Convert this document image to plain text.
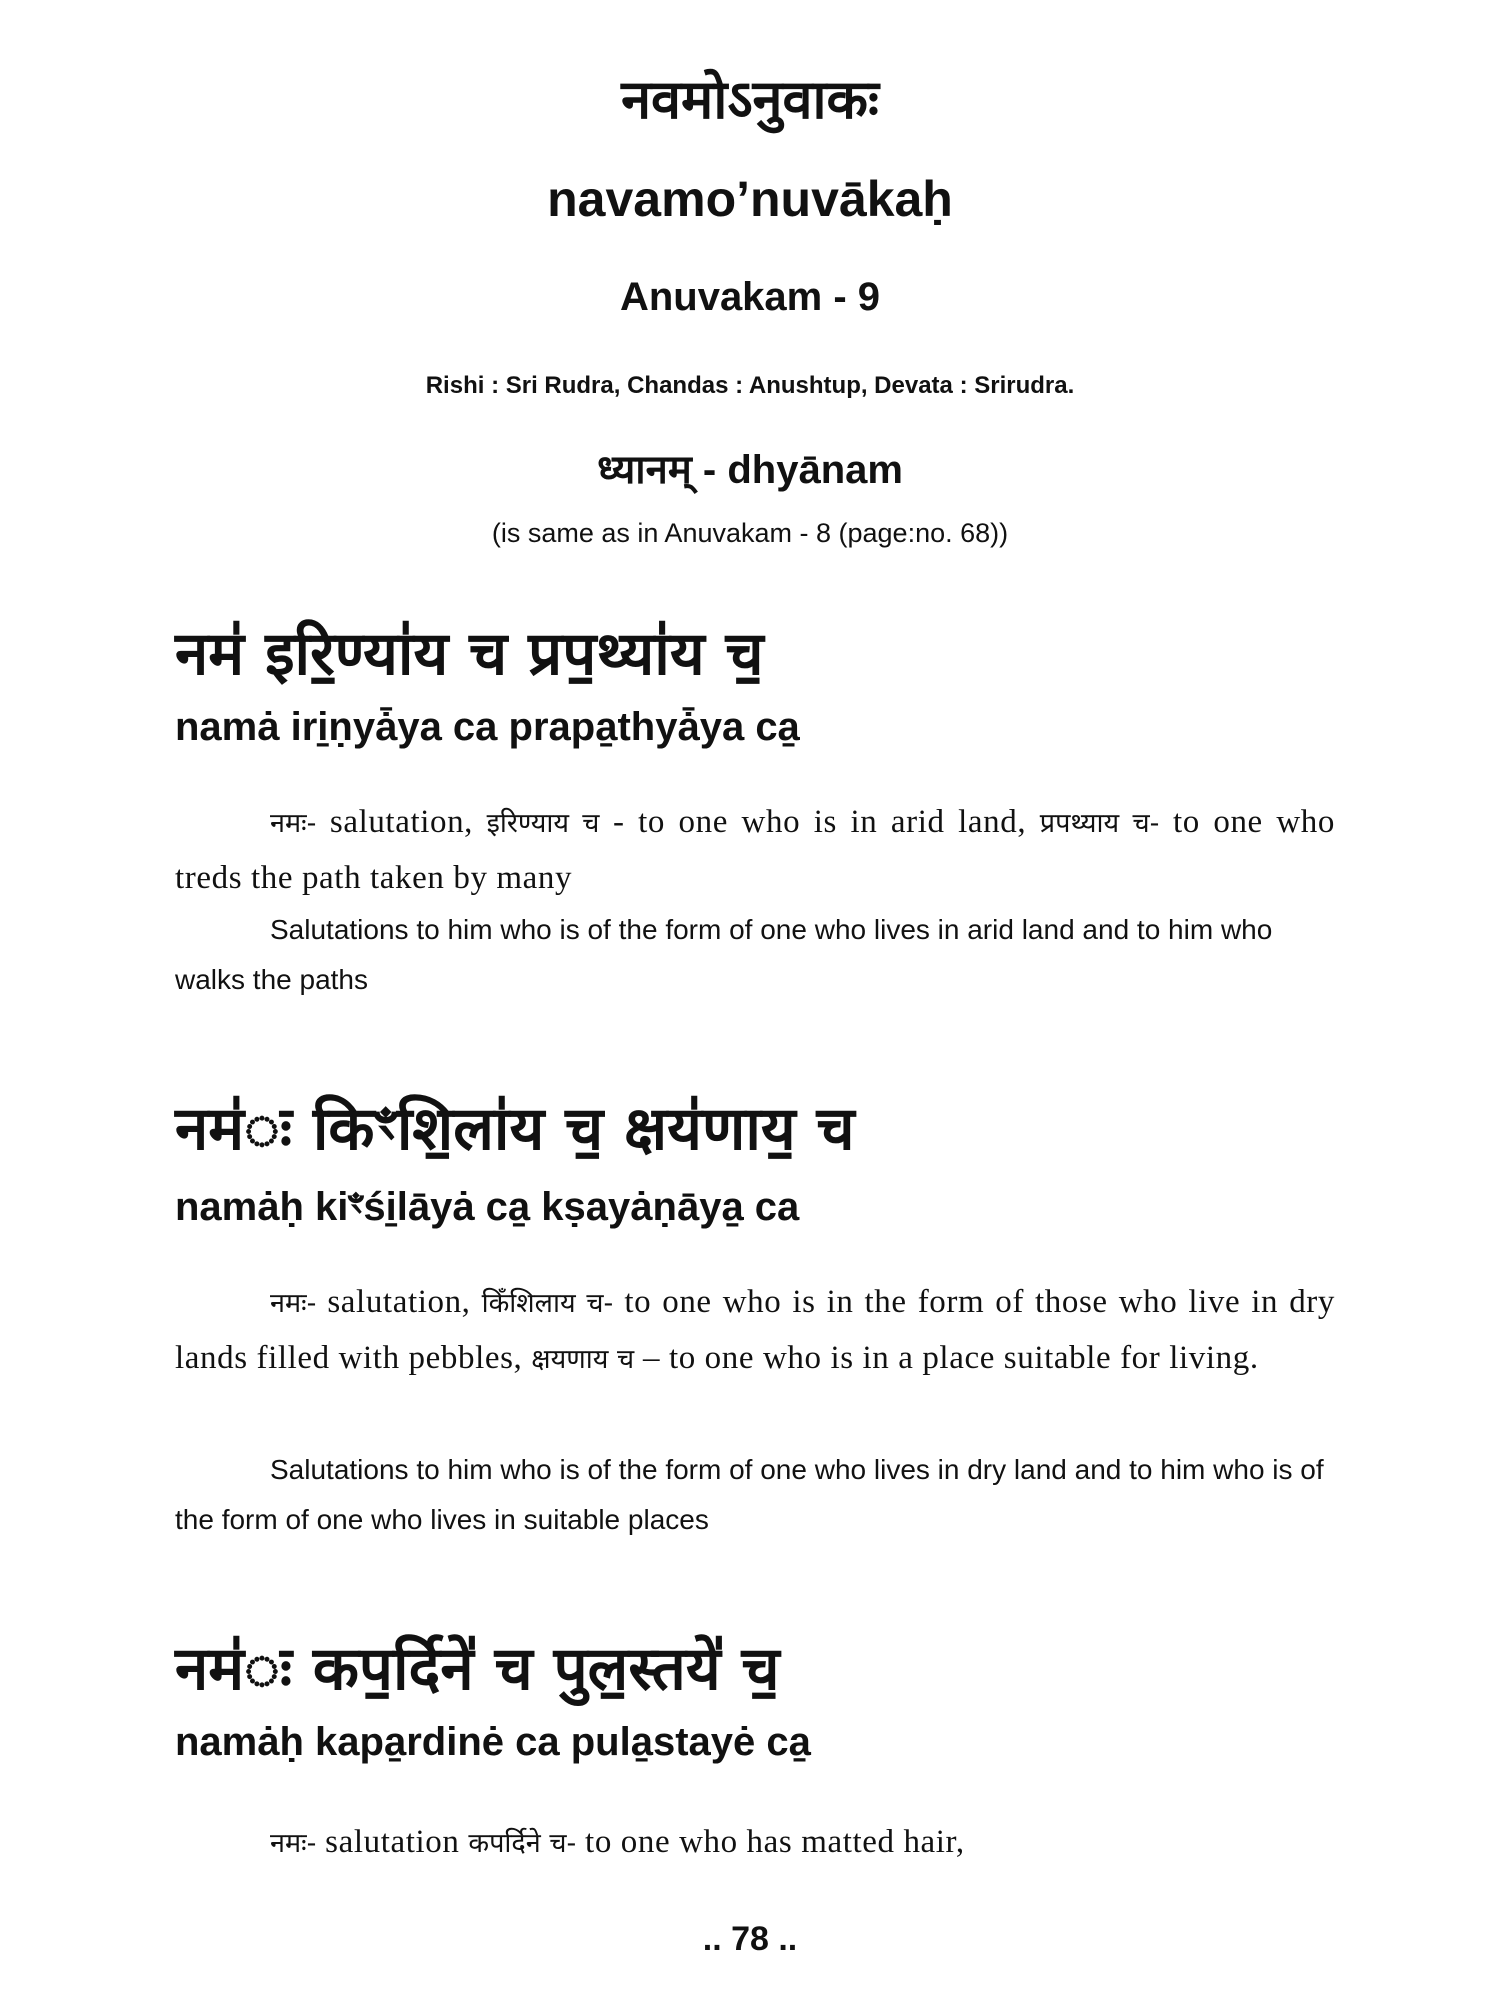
नवमोऽनुवाकः
navamo’nuvākaḥ
Anuvakam - 9
Rishi : Sri Rudra, Chandas : Anushtup, Devata : Srirudra.
ध्यानम् - dhyānam
(is same as in Anuvakam - 8 (page:no. 68))
नम॑ इरि॒ण्या॑य च प्रप॒थ्या॑य च॒
namȧ iri̱ṇyǡya ca prapa̱thyǡya ca̱
नमः- salutation, इरिण्याय च - to one who is in arid land, प्रपथ्याय च- to one who treds the path taken by many
Salutations to him who is of the form of one who lives in arid land and to him who walks the paths
नम॑ः किꣳशि॒ला॑य च॒ क्षय॑णाय॒ च
namȧḥ kiꣳśi̱lāyȧ ca̱ kṣayȧṇāya̱ ca
नमः- salutation, किँशिलाय च- to one who is in the form of those who live in dry lands filled with pebbles, क्षयणाय च – to one who is in a place suitable for living.
Salutations to him who is of the form of one who lives in dry land and to him who is of the form of one who lives in suitable places
नम॑ः कप॒र्दिने॑ च पुल॒स्तये॑ च॒
namȧḥ kapa̱rdinė ca pula̱stayė ca̱
नमः- salutation कपर्दिने च- to one who has matted hair,
.. 78 ..
